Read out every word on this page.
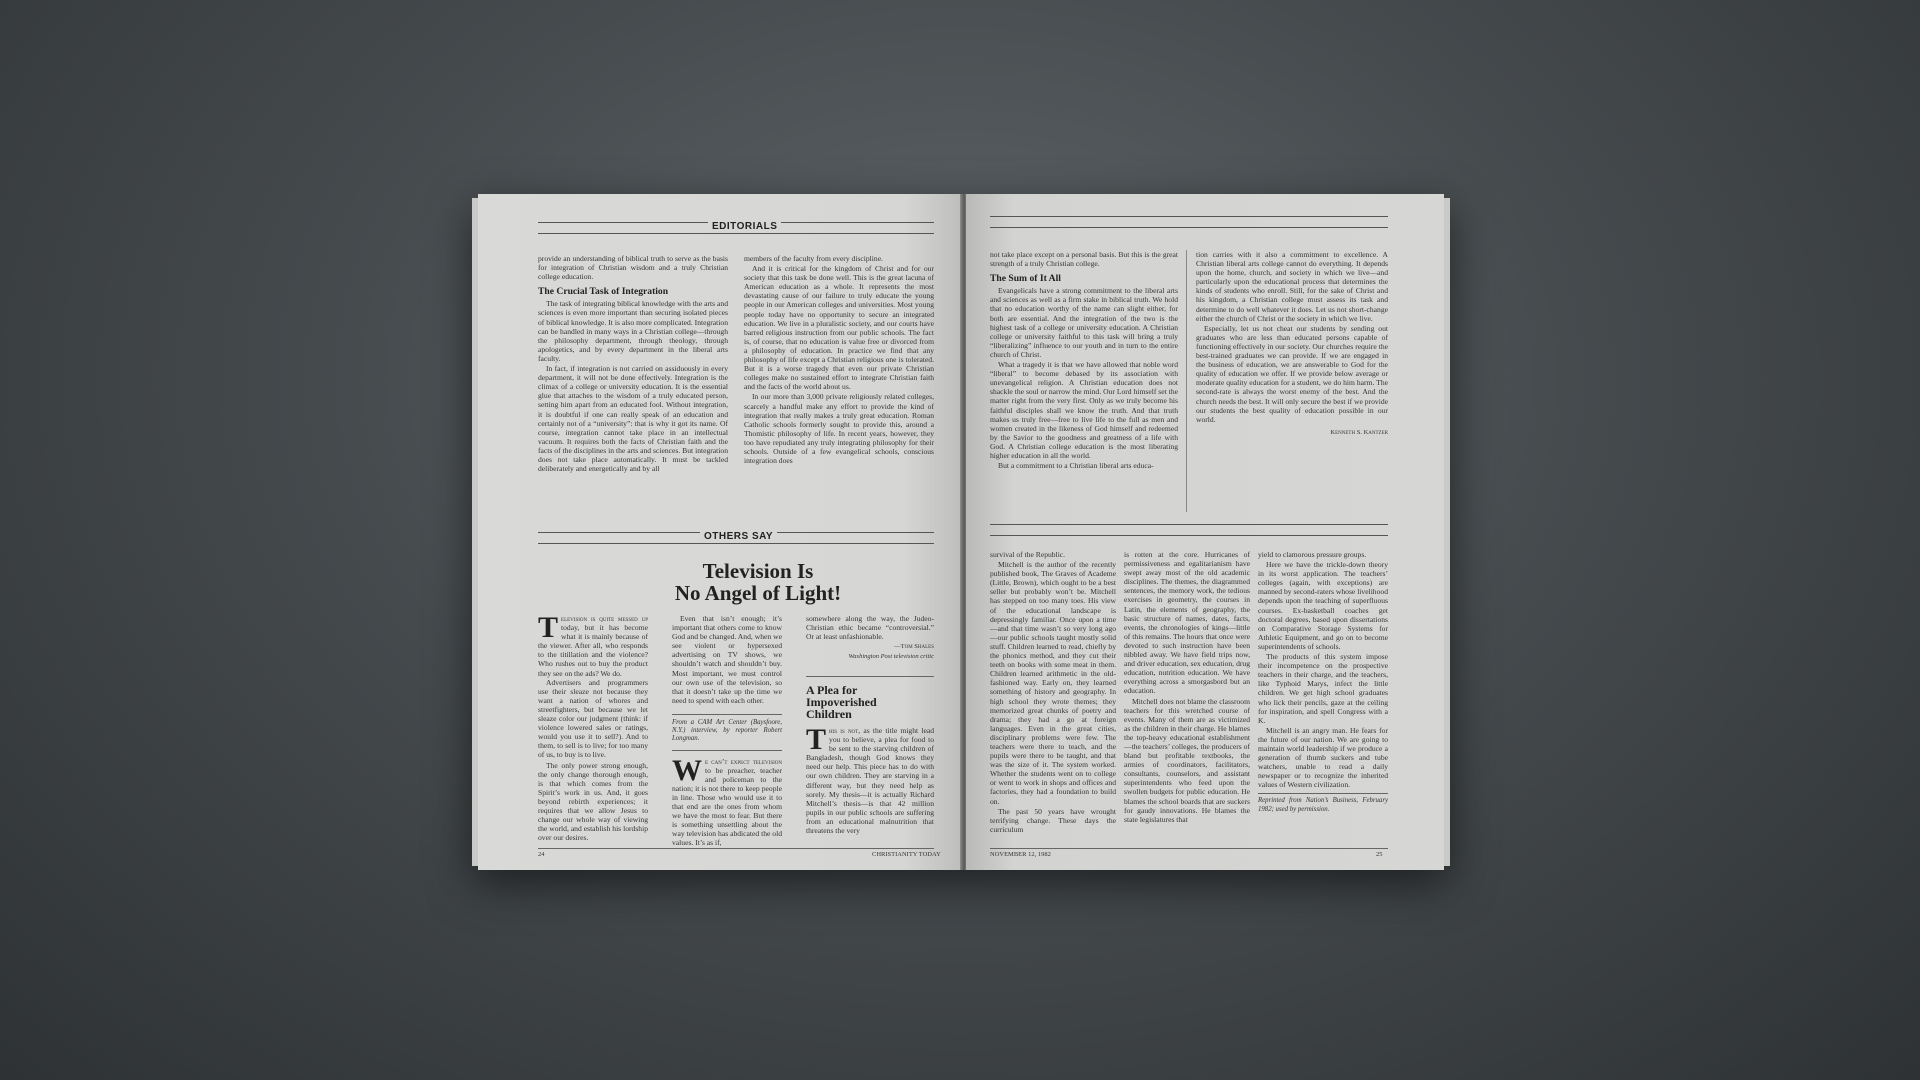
EDITORIALS

provide an understanding of biblical truth to serve as the basis for integration of Christian wisdom and a truly Christian college education.

The Crucial Task of Integration

The task of integrating biblical knowledge with the arts and sciences is even more important than securing isolated pieces of biblical knowledge. It is also more complicated. Integration can be handled in many ways in a Christian college—through the philosophy department, through theology, through apologetics, and by every department in the liberal arts faculty.

In fact, if integration is not carried on assiduously in every department, it will not be done effectively. Integration is the climax of a college or university education. It is the essential glue that attaches to the wisdom of a truly educated person, setting him apart from an educated fool. Without integration, it is doubtful if one can really speak of an education and certainly not of a “university”: that is why it got its name. Of course, integration cannot take place in an intellectual vacuum. It requires both the facts of Christian faith and the facts of the disciplines in the arts and sciences. But integration does not take place automatically. It must be tackled deliberately and energetically and by all

members of the faculty from every discipline.

And it is critical for the kingdom of Christ and for our society that this task be done well. This is the great lacuna of American education as a whole. It represents the most devastating cause of our failure to truly educate the young people in our American colleges and universities. Most young people today have no opportunity to secure an integrated education. We live in a pluralistic society, and our courts have barred religious instruction from our public schools. The fact is, of course, that no education is value free or divorced from a philosophy of education. In practice we find that any philosophy of life except a Christian religious one is tolerated. But it is a worse tragedy that even our private Christian colleges make no sustained effort to integrate Christian faith and the facts of the world about us.

In our more than 3,000 private religiously related colleges, scarcely a handful make any effort to provide the kind of integration that really makes a truly great education. Roman Catholic schools formerly sought to provide this, around a Thomistic philosophy of life. In recent years, however, they too have repudiated any truly integrating philosophy for their schools. Outside of a few evangelical schools, conscious integration does

OTHERS SAY
Television Is
No Angel of Light!
T elevision is quite messed up today, but it has become what it is mainly because of the viewer. After all, who responds to the titillation and the violence? Who rushes out to buy the product they see on the ads? We do.

Advertisers and programmers use their sleaze not because they want a nation of whores and streetfighters, but because we let sleaze color our judgment (think: if violence lowered sales or ratings, would you use it to sell?). And to them, to sell is to live; for too many of us, to buy is to live.

The only power strong enough, the only change thorough enough, is that which comes from the Spirit’s work in us. And, it goes beyond rebirth experiences; it requires that we allow Jesus to change our whole way of viewing the world, and establish his lordship over our desires.

Even that isn’t enough; it’s important that others come to know God and be changed. And, when we see violent or hypersexed advertising on TV shows, we shouldn’t watch and shouldn’t buy. Most important, we must control our own use of the television, so that it doesn’t take up the time we need to spend with each other.

From a CAM Art Center (Baysfoore, N.Y.) interview, by reporter Robert Longman.

W e can’t expect television to be preacher, teacher and policeman to the nation; it is not there to keep people in line. Those who would use it to that end are the ones from whom we have the most to fear. But there is something unsettling about the way television has abdicated the old values. It’s as if,

somewhere along the way, the Judeo-Christian ethic became “controversial.” Or at least unfashionable.

—Tom Shales

Washington Post television critic

A Plea for
Impoverished
Children
T his is not, as the title might lead you to believe, a plea for food to be sent to the starving children of Bangladesh, though God knows they need our help. This piece has to do with our own children. They are starving in a different way, but they need help as sorely. My thesis—it is actually Richard Mitchell’s thesis—is that 42 million pupils in our public schools are suffering from an educational malnutrition that threatens the very
24	CHRISTIANITY TODAY

not take place except on a personal basis. But this is the great strength of a truly Christian college.

The Sum of It All

Evangelicals have a strong commitment to the liberal arts and sciences as well as a firm stake in biblical truth. We hold that no education worthy of the name can slight either, for both are essential. And the integration of the two is the highest task of a college or university education. A Christian college or university faithful to this task will bring a truly “liberalizing” influence to our youth and in turn to the entire church of Christ.

What a tragedy it is that we have allowed that noble word “liberal” to become debased by its association with unevangelical religion. A Christian education does not shackle the soul or narrow the mind. Our Lord himself set the matter right from the very first. Only as we truly become his faithful disciples shall we know the truth. And that truth makes us truly free—free to live life to the full as men and women created in the likeness of God himself and redeemed by the Savior to the goodness and greatness of a life with God. A Christian college education is the most liberating higher education in all the world.

But a commitment to a Christian liberal arts educa-

tion carries with it also a commitment to excellence. A Christian liberal arts college cannot do everything. It depends upon the home, church, and society in which we live—and particularly upon the educational process that determines the kinds of students who enroll. Still, for the sake of Christ and his kingdom, a Christian college must assess its task and determine to do well whatever it does. Let us not short-change either the church of Christ or the society in which we live.

Especially, let us not cheat our students by sending out graduates who are less than educated persons capable of functioning effectively in our society. Our churches require the best-trained graduates we can provide. If we are engaged in the business of education, we are answerable to God for the quality of education we offer. If we provide below average or moderate quality education for a student, we do him harm. The second-rate is always the worst enemy of the best. And the church needs the best. It will only secure the best if we provide our students the best quality of education possible in our world.

Kenneth S. Kantzer

survival of the Republic.

Mitchell is the author of the recently published book, The Graves of Academe (Little, Brown), which ought to be a best seller but probably won’t be. Mitchell has stepped on too many toes. His view of the educational landscape is depressingly familiar. Once upon a time—and that time wasn’t so very long ago—our public schools taught mostly solid stuff. Children learned to read, chiefly by the phonics method, and they cut their teeth on books with some meat in them. Children learned arithmetic in the old-fashioned way. Early on, they learned something of history and geography. In high school they wrote themes; they memorized great chunks of poetry and drama; they had a go at foreign languages. Even in the great cities, disciplinary problems were few. The teachers were there to teach, and the pupils were there to be taught, and that was the size of it. The system worked. Whether the students went on to college or went to work in shops and offices and factories, they had a foundation to build on.

The past 50 years have wrought terrifying change. These days the curriculum

is rotten at the core. Hurricanes of permissiveness and egalitarianism have swept away most of the old academic disciplines. The themes, the diagrammed sentences, the memory work, the tedious exercises in geometry, the courses in Latin, the elements of geography, the basic structure of names, dates, facts, events, the chronologies of kings—little of this remains. The hours that once were devoted to such instruction have been nibbled away. We have field trips now, and driver education, sex education, drug education, nutrition education. We have everything across a smorgasbord but an education.

Mitchell does not blame the classroom teachers for this wretched course of events. Many of them are as victimized as the children in their charge. He blames the top-heavy educational establishment—the teachers’ colleges, the producers of bland but profitable textbooks, the armies of coordinators, facilitators, consultants, counselors, and assistant superintendents who feed upon the swollen budgets for public education. He blames the school boards that are suckers for gaudy innovations. He blames the state legislatures that

yield to clamorous pressure groups.

Here we have the trickle-down theory in its worst application. The teachers’ colleges (again, with exceptions) are manned by second-raters whose livelihood depends upon the teaching of superfluous courses. Ex-basketball coaches get doctoral degrees, based upon dissertations on Comparative Storage Systems for Athletic Equipment, and go on to become superintendents of schools.

The products of this system impose their incompetence on the prospective teachers in their charge, and the teachers, like Typhoid Marys, infect the little children. We get high school graduates who lick their pencils, gaze at the ceiling for inspiration, and spell Congress with a K.

Mitchell is an angry man. He fears for the future of our nation. We are going to maintain world leadership if we produce a generation of thumb suckers and tube watchers, unable to read a daily newspaper or to recognize the inherited values of Western civilization.

Reprinted from Nation’s Business, February 1982; used by permission.

NOVEMBER 12, 1982	25
